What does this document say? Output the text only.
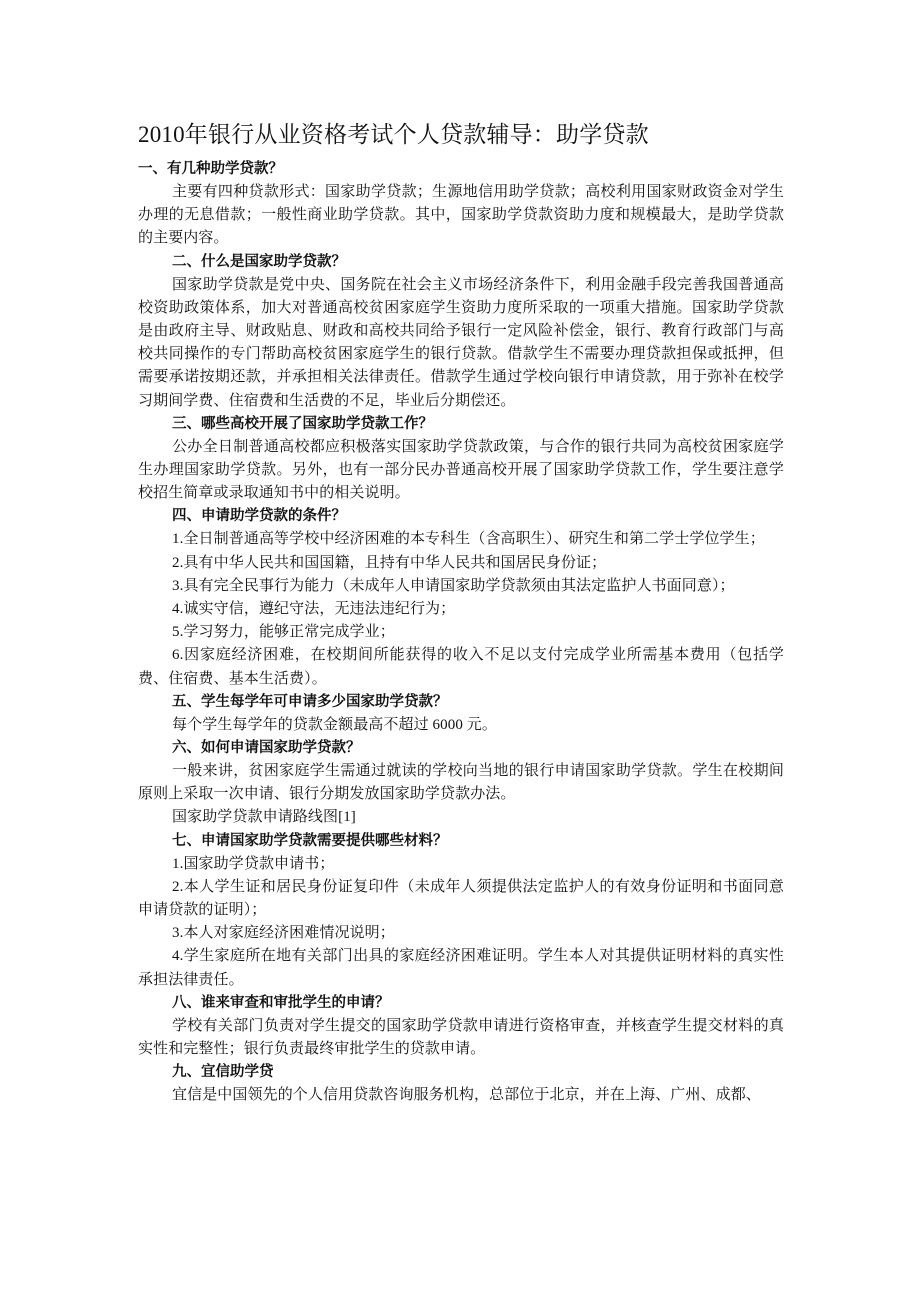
2010年银行从业资格考试个人贷款辅导：助学贷款
一、有几种助学贷款？

主要有四种贷款形式：国家助学贷款；生源地信用助学贷款；高校利用国家财政资金对学生办理的无息借款；一般性商业助学贷款。其中，国家助学贷款资助力度和规模最大，是助学贷款的主要内容。

二、什么是国家助学贷款？

国家助学贷款是党中央、国务院在社会主义市场经济条件下，利用金融手段完善我国普通高校资助政策体系，加大对普通高校贫困家庭学生资助力度所采取的一项重大措施。国家助学贷款是由政府主导、财政贴息、财政和高校共同给予银行一定风险补偿金，银行、教育行政部门与高校共同操作的专门帮助高校贫困家庭学生的银行贷款。借款学生不需要办理贷款担保或抵押，但需要承诺按期还款，并承担相关法律责任。借款学生通过学校向银行申请贷款，用于弥补在校学习期间学费、住宿费和生活费的不足，毕业后分期偿还。

三、哪些高校开展了国家助学贷款工作？

公办全日制普通高校都应积极落实国家助学贷款政策，与合作的银行共同为高校贫困家庭学生办理国家助学贷款。另外，也有一部分民办普通高校开展了国家助学贷款工作，学生要注意学校招生简章或录取通知书中的相关说明。

四、申请助学贷款的条件？

1.全日制普通高等学校中经济困难的本专科生（含高职生）、研究生和第二学士学位学生；

2.具有中华人民共和国国籍，且持有中华人民共和国居民身份证；

3.具有完全民事行为能力（未成年人申请国家助学贷款须由其法定监护人书面同意）；

4.诚实守信，遵纪守法，无违法违纪行为；

5.学习努力，能够正常完成学业；

6.因家庭经济困难，在校期间所能获得的收入不足以支付完成学业所需基本费用（包括学费、住宿费、基本生活费）。

五、学生每学年可申请多少国家助学贷款？

每个学生每学年的贷款金额最高不超过 6000 元。

六、如何申请国家助学贷款？

一般来讲，贫困家庭学生需通过就读的学校向当地的银行申请国家助学贷款。学生在校期间原则上采取一次申请、银行分期发放国家助学贷款办法。

国家助学贷款申请路线图[1]

七、申请国家助学贷款需要提供哪些材料？

1.国家助学贷款申请书；

2.本人学生证和居民身份证复印件（未成年人须提供法定监护人的有效身份证明和书面同意申请贷款的证明）；

3.本人对家庭经济困难情况说明；

4.学生家庭所在地有关部门出具的家庭经济困难证明。学生本人对其提供证明材料的真实性承担法律责任。

八、谁来审查和审批学生的申请？

学校有关部门负责对学生提交的国家助学贷款申请进行资格审查，并核查学生提交材料的真实性和完整性；银行负责最终审批学生的贷款申请。

九、宜信助学贷

宜信是中国领先的个人信用贷款咨询服务机构，总部位于北京，并在上海、广州、成都、
